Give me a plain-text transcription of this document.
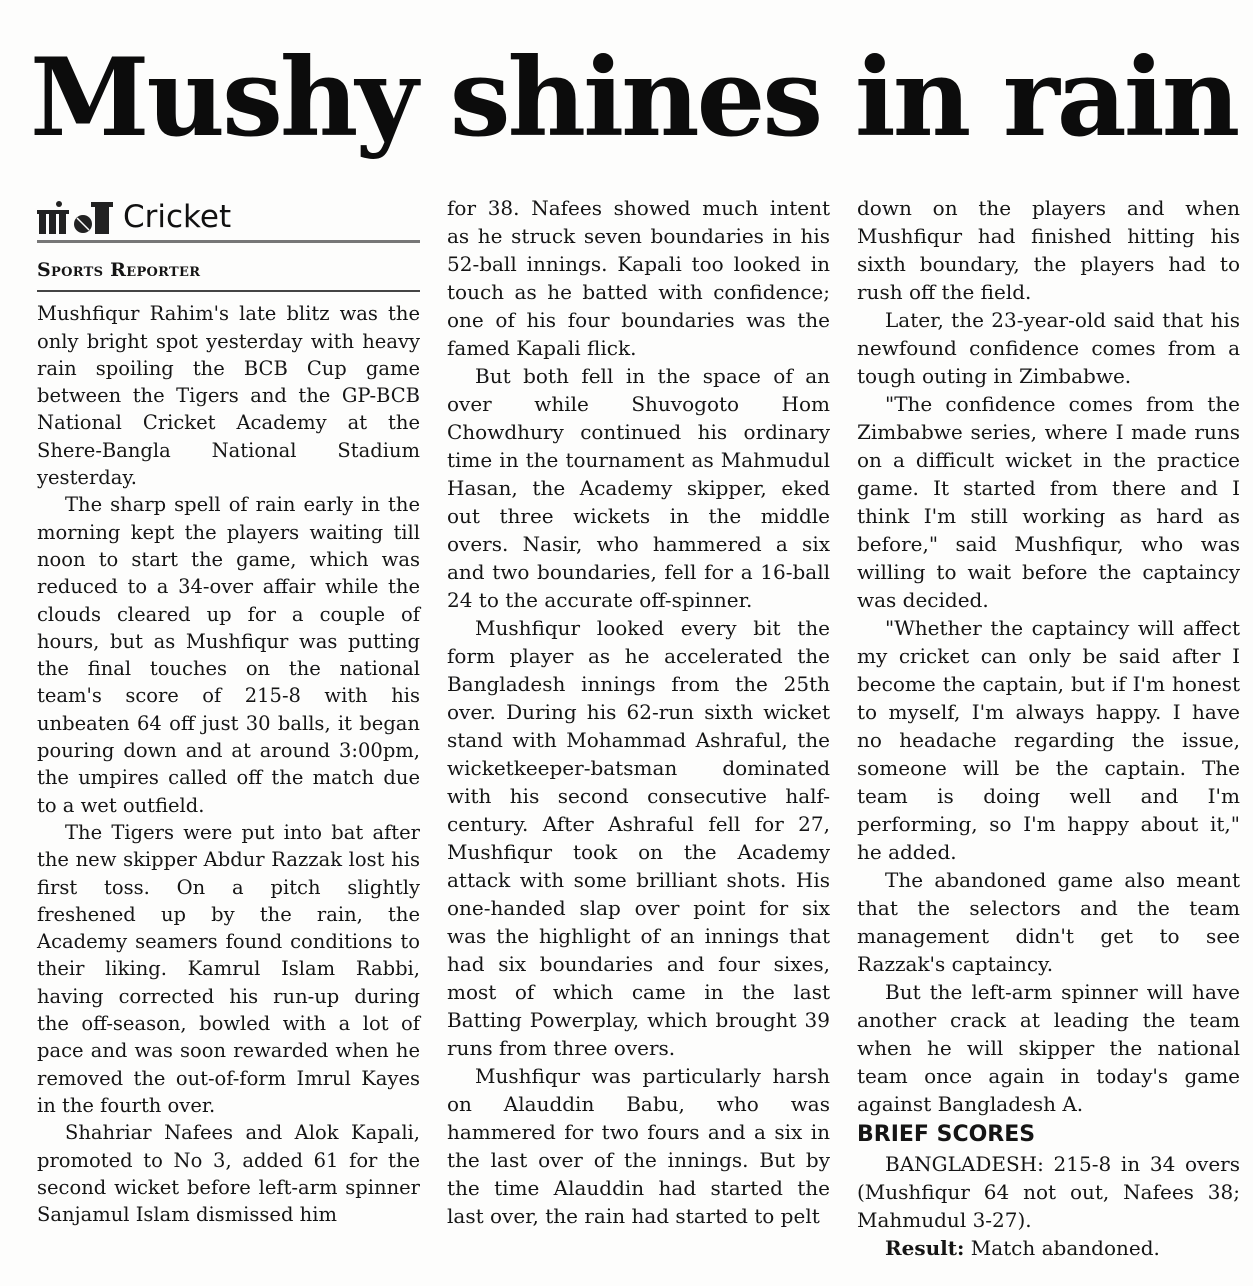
Mushy shines in rain
Cricket
Sports Reporter

Mushfiqur Rahim's late blitz was the only bright spot yesterday with heavy rain spoiling the BCB Cup game between the Tigers and the GP-BCB National Cricket Academy at the Shere-Bangla National Stadium yesterday.

The sharp spell of rain early in the morning kept the players waiting till noon to start the game, which was reduced to a 34-over affair while the clouds cleared up for a couple of hours, but as Mushfiqur was putting the final touches on the national team's score of 215-8 with his unbeaten 64 off just 30 balls, it began pouring down and at around 3:00pm, the umpires called off the match due to a wet outfield.

The Tigers were put into bat after the new skipper Abdur Razzak lost his first toss. On a pitch slightly freshened up by the rain, the Academy seamers found conditions to their liking. Kamrul Islam Rabbi, having corrected his run-up during the off-season, bowled with a lot of pace and was soon rewarded when he removed the out-of-form Imrul Kayes in the fourth over.

Shahriar Nafees and Alok Kapali, promoted to No 3, added 61 for the second wicket before left-arm spinner Sanjamul Islam dismissed him

for 38. Nafees showed much intent as he struck seven boundaries in his 52-ball innings. Kapali too looked in touch as he batted with confidence; one of his four boundaries was the famed Kapali flick.

But both fell in the space of an over while Shuvogoto Hom Chowdhury continued his ordinary time in the tournament as Mahmudul Hasan, the Academy skipper, eked out three wickets in the middle overs. Nasir, who hammered a six and two boundaries, fell for a 16-ball 24 to the accurate off-spinner.

Mushfiqur looked every bit the form player as he accelerated the Bangladesh innings from the 25th over. During his 62-run sixth wicket stand with Mohammad Ashraful, the wicketkeeper-batsman dominated with his second consecutive half-century. After Ashraful fell for 27, Mushfiqur took on the Academy attack with some brilliant shots. His one-handed slap over point for six was the highlight of an innings that had six boundaries and four sixes, most of which came in the last Batting Powerplay, which brought 39 runs from three overs.

Mushfiqur was particularly harsh on Alauddin Babu, who was hammered for two fours and a six in the last over of the innings. But by the time Alauddin had started the last over, the rain had started to pelt

down on the players and when Mushfiqur had finished hitting his sixth boundary, the players had to rush off the field.

Later, the 23-year-old said that his newfound confidence comes from a tough outing in Zimbabwe.

"The confidence comes from the Zimbabwe series, where I made runs on a difficult wicket in the practice game. It started from there and I think I'm still working as hard as before," said Mushfiqur, who was willing to wait before the captaincy was decided.

"Whether the captaincy will affect my cricket can only be said after I become the captain, but if I'm honest to myself, I'm always happy. I have no headache regarding the issue, someone will be the captain. The team is doing well and I'm performing, so I'm happy about it," he added.

The abandoned game also meant that the selectors and the team management didn't get to see Razzak's captaincy.

But the left-arm spinner will have another crack at leading the team when he will skipper the national team once again in today's game against Bangladesh A.

BRIEF SCORES

BANGLADESH: 215-8 in 34 overs (Mushfiqur 64 not out, Nafees 38; Mahmudul 3-27).

Result: Match abandoned.
